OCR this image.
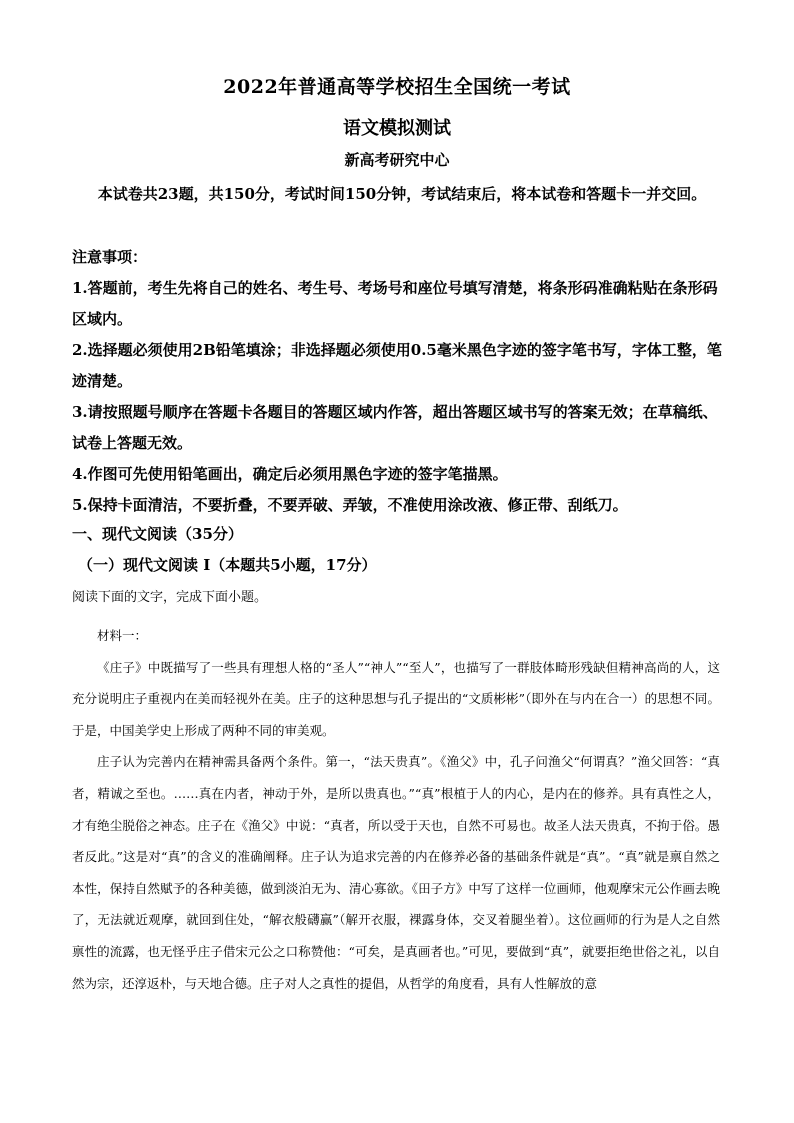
2022年普通高等学校招生全国统一考试
语文模拟测试
新高考研究中心
本试卷共23题，共150分，考试时间150分钟，考试结束后，将本试卷和答题卡一并交回。

注意事项：

1.答题前，考生先将自己的姓名、考生号、考场号和座位号填写清楚，将条形码准确粘贴在条形码区域内。

2.选择题必须使用2B铅笔填涂；非选择题必须使用0.5毫米黑色字迹的签字笔书写，字体工整，笔迹清楚。

3.请按照题号顺序在答题卡各题目的答题区域内作答，超出答题区域书写的答案无效；在草稿纸、试卷上答题无效。

4.作图可先使用铅笔画出，确定后必须用黑色字迹的签字笔描黑。

5.保持卡面清洁，不要折叠，不要弄破、弄皱，不准使用涂改液、修正带、刮纸刀。

一、现代文阅读（35分）
（一）现代文阅读 I（本题共5小题，17分）
阅读下面的文字，完成下面小题。

材料一：

《庄子》中既描写了一些具有理想人格的“圣人”“神人”“至人”，也描写了一群肢体畸形残缺但精神高尚的人，这充分说明庄子重视内在美而轻视外在美。庄子的这种思想与孔子提出的“文质彬彬”（即外在与内在合一）的思想不同。于是，中国美学史上形成了两种不同的审美观。

庄子认为完善内在精神需具备两个条件。第一，“法天贵真”。《渔父》中，孔子问渔父“何谓真？”渔父回答：“真者，精诚之至也。……真在内者，神动于外，是所以贵真也。”“真”根植于人的内心，是内在的修养。具有真性之人，才有绝尘脱俗之神态。庄子在《渔父》中说：“真者，所以受于天也，自然不可易也。故圣人法天贵真，不拘于俗。愚者反此。”这是对“真”的含义的准确阐释。庄子认为追求完善的内在修养必备的基础条件就是“真”。“真”就是禀自然之本性，保持自然赋予的各种美德，做到淡泊无为、清心寡欲。《田子方》中写了这样一位画师，他观摩宋元公作画去晚了，无法就近观摩，就回到住处，“解衣般礴赢”（解开衣服，裸露身体，交叉着腿坐着）。这位画师的行为是人之自然禀性的流露，也无怪乎庄子借宋元公之口称赞他：“可矣，是真画者也。”可见，要做到“真”，就要拒绝世俗之礼，以自然为宗，还淳返朴，与天地合德。庄子对人之真性的提倡，从哲学的角度看，具有人性解放的意
